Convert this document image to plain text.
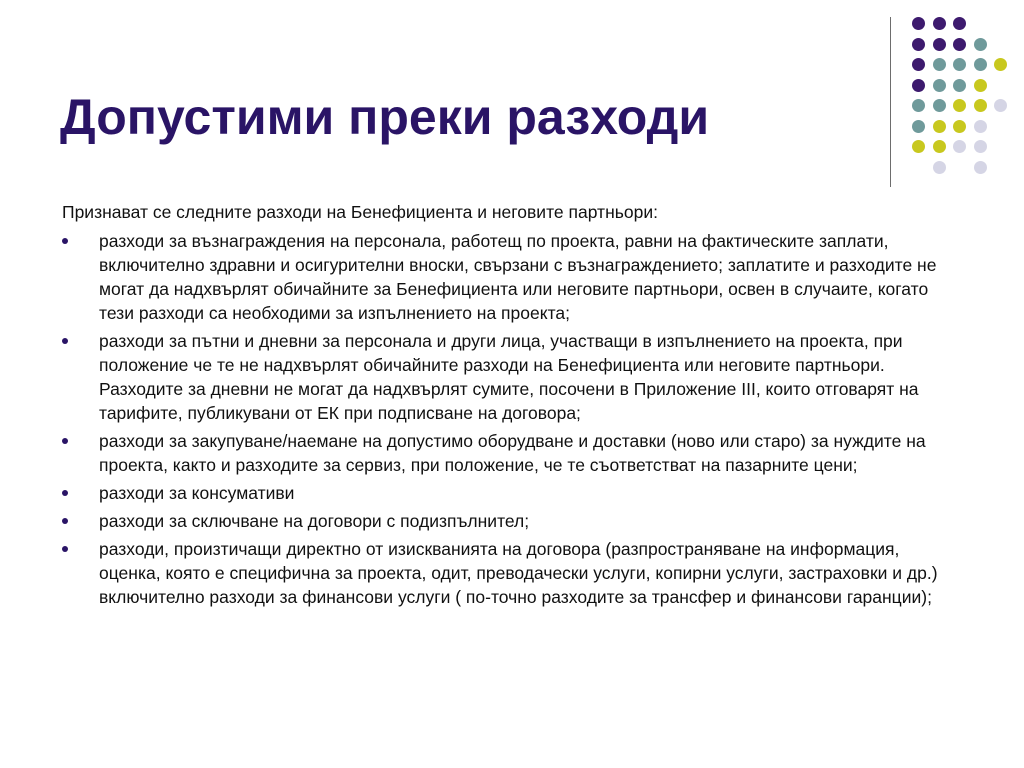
Допустими преки разходи

Признават се следните разходи на Бенефициента и неговите партньори:

разходи за възнаграждения на персонала, работещ по проекта, равни на фактическите заплати, включително здравни и осигурителни вноски, свързани с възнаграждението; заплатите и разходите не могат да надхвърлят обичайните за Бенефициента или неговите партньори, освен в случаите, когато тези разходи са необходими за изпълнението на проекта;
разходи за пътни и дневни за персонала и други лица, участващи в изпълнението на проекта, при положение че те не надхвърлят обичайните разходи на Бенефициента или неговите партньори. Разходите за дневни не могат да надхвърлят сумите, посочени в Приложение III, които отговарят на тарифите, публикувани от ЕК при подписване на договора;
разходи за закупуване/наемане на допустимо оборудване и доставки (ново или старо) за нуждите на проекта, както и разходите за сервиз, при положение, че те съответстват на пазарните цени;
разходи за консумативи
разходи за сключване на договори с подизпълнител;
разходи, произтичащи директно от изискванията на договора (разпространяване на информация, оценка, която е специфична за проекта, одит, преводачески услуги, копирни услуги, застраховки и др.) включително разходи за финансови услуги ( по-точно разходите за трансфер и финансови гаранции);
